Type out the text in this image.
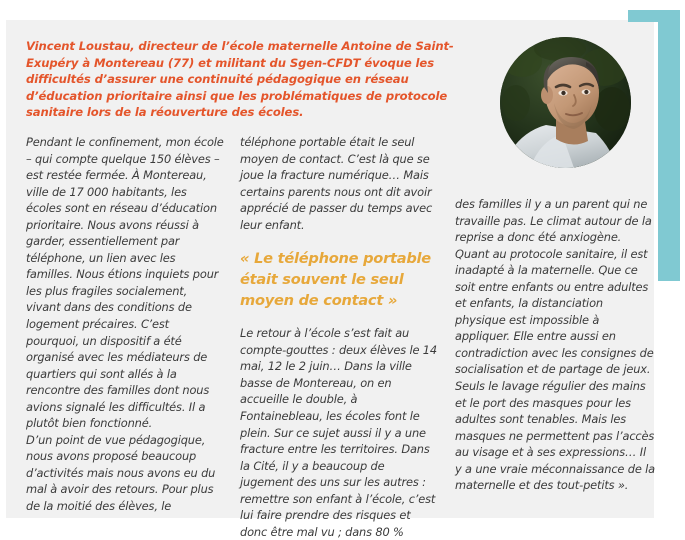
Vincent Loustau, directeur de l’école maternelle Antoine de Saint-Exupéry à Montereau (77) et militant du Sgen-CFDT évoque les difficultés d’assurer une continuité pédagogique en réseau d’éducation prioritaire ainsi que les problématiques de protocole sanitaire lors de la réouverture des écoles.

Pendant le confinement, mon école – qui compte quelque 150 élèves – est restée fermée. À Montereau, ville de 17 000 habitants, les écoles sont en réseau d’éducation prioritaire. Nous avons réussi à garder, essentiellement par téléphone, un lien avec les familles. Nous étions inquiets pour les plus fragiles socialement, vivant dans des conditions de logement précaires. C’est pourquoi, un dispositif a été organisé avec les médiateurs de quartiers qui sont allés à la rencontre des familles dont nous avions signalé les difficultés. Il a plutôt bien fonctionné.

D’un point de vue pédagogique, nous avons proposé beaucoup d’activités mais nous avons eu du mal à avoir des retours. Pour plus de la moitié des élèves, le

téléphone portable était le seul moyen de contact. C’est là que se joue la fracture numérique… Mais certains parents nous ont dit avoir apprécié de passer du temps avec leur enfant.

« Le téléphone portable était souvent le seul moyen de contact »

Le retour à l’école s’est fait au compte-gouttes : deux élèves le 14 mai, 12 le 2 juin… Dans la ville basse de Montereau, on en accueille le double, à Fontainebleau, les écoles font le plein. Sur ce sujet aussi il y a une fracture entre les territoires. Dans la Cité, il y a beaucoup de jugement des uns sur les autres : remettre son enfant à l’école, c’est lui faire prendre des risques et donc être mal vu ; dans 80 %

des familles il y a un parent qui ne travaille pas. Le climat autour de la reprise a donc été anxiogène.

Quant au protocole sanitaire, il est inadapté à la maternelle. Que ce soit entre enfants ou entre adultes et enfants, la distanciation physique est impossible à appliquer. Elle entre aussi en contradiction avec les consignes de socialisation et de partage de jeux. Seuls le lavage régulier des mains et le port des masques pour les adultes sont tenables. Mais les masques ne permettent pas l’accès au visage et à ses expressions… Il y a une vraie méconnaissance de la maternelle et des tout-petits ».
